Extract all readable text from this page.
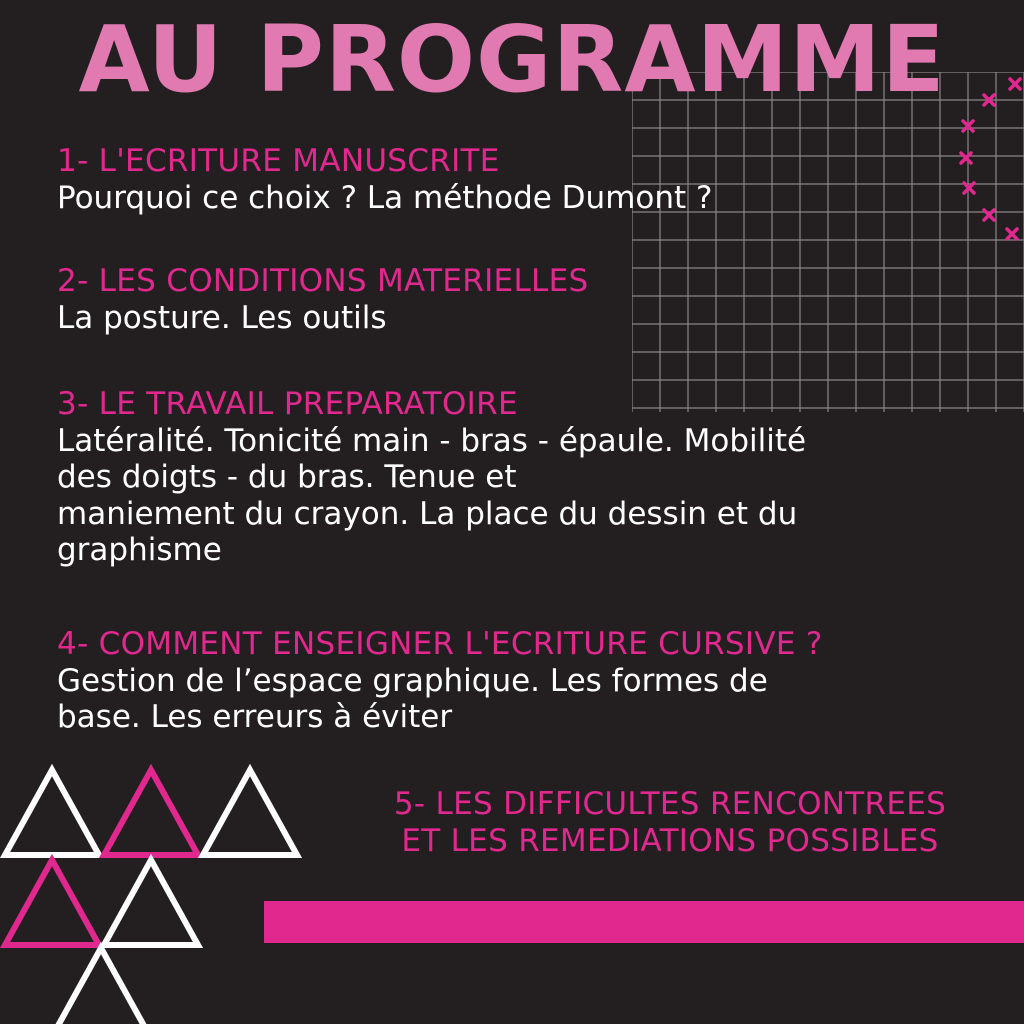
AU PROGRAMME

1- L'ECRITURE MANUSCRITE

Pourquoi ce choix ? La méthode Dumont ?

2- LES CONDITIONS MATERIELLES

La posture. Les outils

3- LE TRAVAIL PREPARATOIRE

Latéralité. Tonicité main - bras - épaule. Mobilité
des doigts - du bras. Tenue et
maniement du crayon. La place du dessin et du
graphisme

4- COMMENT ENSEIGNER L'ECRITURE CURSIVE ?

Gestion de l’espace graphique. Les formes de
base. Les erreurs à éviter

5- LES DIFFICULTES RENCONTREES

ET LES REMEDIATIONS POSSIBLES
